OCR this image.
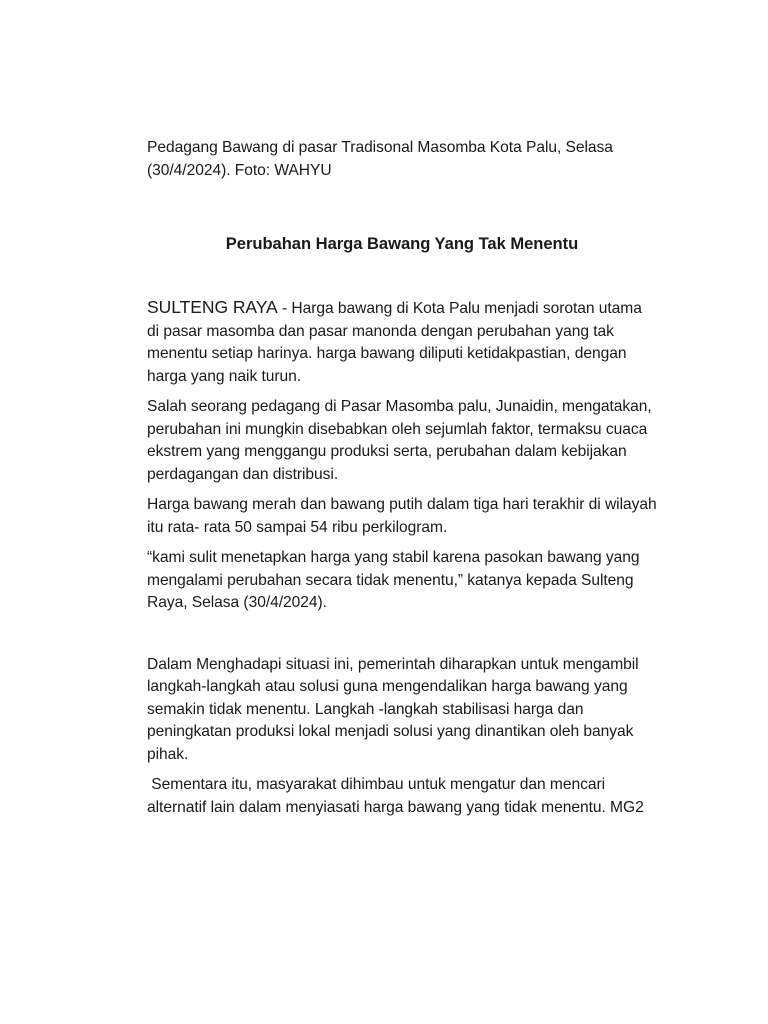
Pedagang Bawang di pasar Tradisonal Masomba Kota Palu, Selasa (30/4/2024). Foto: WAHYU

Perubahan Harga Bawang Yang Tak Menentu

SULTENG RAYA - Harga bawang di Kota Palu menjadi sorotan utama di pasar masomba dan pasar manonda dengan perubahan yang tak menentu setiap harinya. harga bawang diliputi ketidakpastian, dengan harga yang naik turun.

Salah seorang pedagang di Pasar Masomba palu, Junaidin, mengatakan, perubahan ini mungkin disebabkan oleh sejumlah faktor, termaksu cuaca ekstrem yang menggangu produksi serta, perubahan dalam kebijakan perdagangan dan distribusi.

Harga bawang merah dan bawang putih dalam tiga hari terakhir di wilayah itu rata- rata 50 sampai 54 ribu perkilogram.

“kami sulit menetapkan harga yang stabil karena pasokan bawang yang mengalami perubahan secara tidak menentu,” katanya kepada Sulteng Raya, Selasa (30/4/2024).

Dalam Menghadapi situasi ini, pemerintah diharapkan untuk mengambil langkah-langkah atau solusi guna mengendalikan harga bawang yang semakin tidak menentu. Langkah -langkah stabilisasi harga dan peningkatan produksi lokal menjadi solusi yang dinantikan oleh banyak pihak.

Sementara itu, masyarakat dihimbau untuk mengatur dan mencari alternatif lain dalam menyiasati harga bawang yang tidak menentu. MG2
